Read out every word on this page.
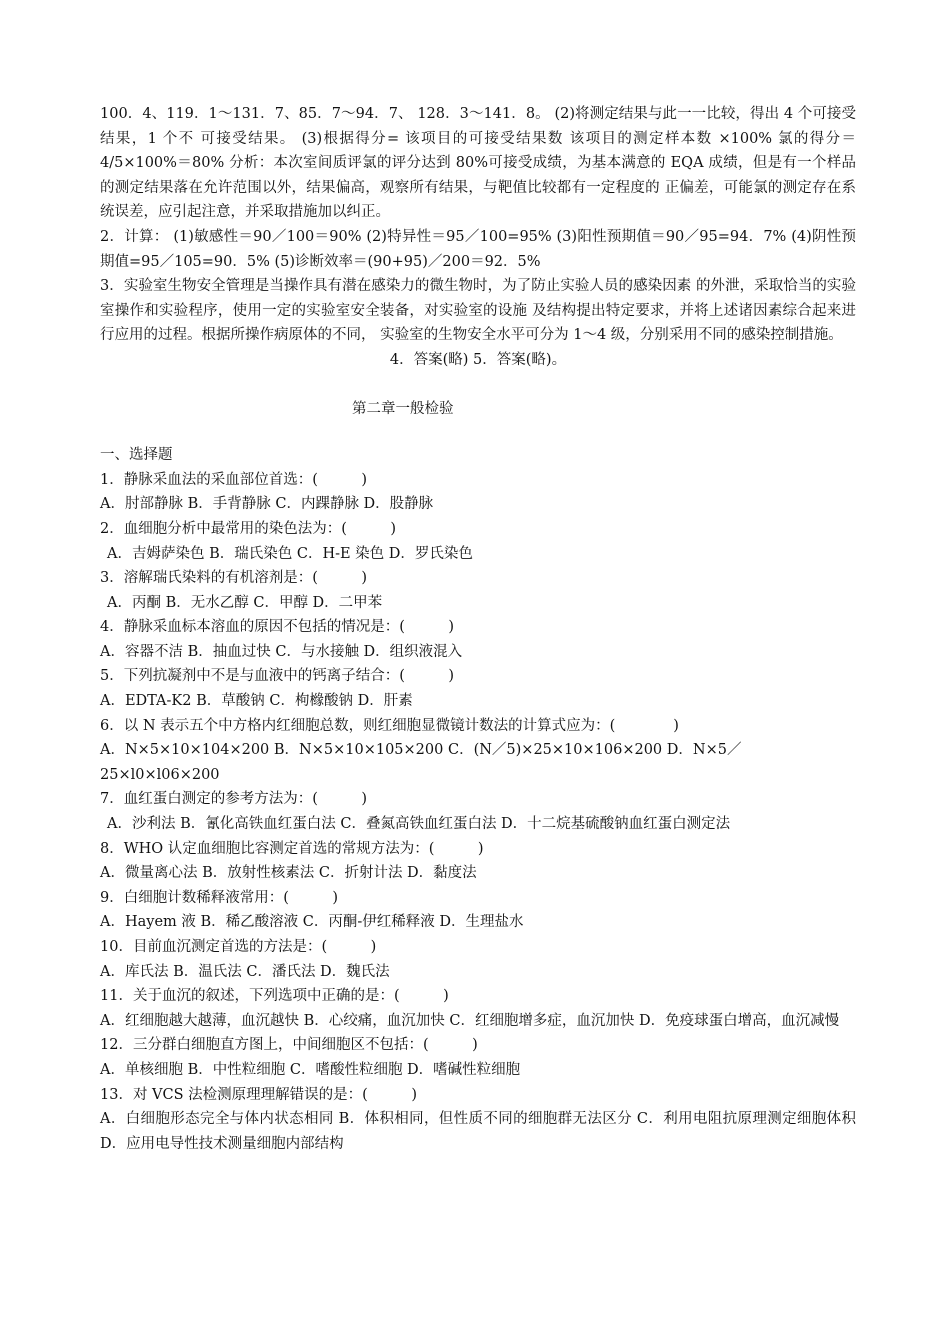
100．4、119．1～131．7、85．7～94．7、 128．3～141．8。 (2)将测定结果与此一一比较，得出 4 个可接受结果，1 个不 可接受结果。 (3)根据得分= 该项目的可接受结果数 该项目的测定样本数 ×100% 氯的得分＝4/5×100%＝80% 分析：本次室间质评氯的评分达到 80%可接受成绩，为基本满意的 EQA 成绩，但是有一个样品的测定结果落在允许范围以外，结果偏高，观察所有结果，与靶值比较都有一定程度的 正偏差，可能氯的测定存在系统误差，应引起注意，并采取措施加以纠正。

2．计算： (1)敏感性＝90／100＝90% (2)特异性＝95／100=95% (3)阳性预期值＝90／95=94．7% (4)阴性预期值=95／105=90．5% (5)诊断效率＝(90+95)／200＝92．5%

3．实验室生物安全管理是当操作具有潜在感染力的微生物时，为了防止实验人员的感染因素 的外泄，采取恰当的实验室操作和实验程序，使用一定的实验室安全装备，对实验室的设施 及结构提出特定要求，并将上述诸因素综合起来进行应用的过程。根据所操作病原体的不同， 实验室的生物安全水平可分为 1～4 级，分别采用不同的感染控制措施。

4．答案(略) 5．答案(略)。

第二章一般检验

一、选择题

1．静脉采血法的采血部位首选：(　　　)

A．肘部静脉 B．手背静脉 C．内踝静脉 D．股静脉

2．血细胞分析中最常用的染色法为：(　　　)

A．吉姆萨染色 B．瑞氏染色 C．H-E 染色 D．罗氏染色

3．溶解瑞氏染料的有机溶剂是：(　　　)

A．丙酮 B．无水乙醇 C．甲醇 D．二甲苯

4．静脉采血标本溶血的原因不包括的情况是：(　　　)

A．容器不洁 B．抽血过快 C．与水接触 D．组织液混入

5．下列抗凝剂中不是与血液中的钙离子结合：(　　　)

A．EDTA-K2 B．草酸钠 C．枸橼酸钠 D．肝素

6．以 N 表示五个中方格内红细胞总数，则红细胞显微镜计数法的计算式应为：(　　　　)

A．N×5×10×104×200 B．N×5×10×105×200 C．(N／5)×25×10×106×200 D．N×5／25×l0×l06×200

7．血红蛋白测定的参考方法为：(　　　)

A．沙利法 B．氰化高铁血红蛋白法 C．叠氮高铁血红蛋白法 D．十二烷基硫酸钠血红蛋白测定法

8．WHO 认定血细胞比容测定首选的常规方法为：(　　　)

A．微量离心法 B．放射性核素法 C．折射计法 D．黏度法

9．白细胞计数稀释液常用：(　　　)

A．Hayem 液 B．稀乙酸溶液 C．丙酮-伊红稀释液 D．生理盐水

10．目前血沉测定首选的方法是：(　　　)

A．库氏法 B．温氏法 C．潘氏法 D．魏氏法

11．关于血沉的叙述，下列选项中正确的是：(　　　)

A．红细胞越大越薄，血沉越快 B．心绞痛，血沉加快 C．红细胞增多症，血沉加快 D．免疫球蛋白增高，血沉减慢

12．三分群白细胞直方图上，中间细胞区不包括：(　　　)

A．单核细胞 B．中性粒细胞 C．嗜酸性粒细胞 D．嗜碱性粒细胞

13．对 VCS 法检测原理理解错误的是：(　　　)

A．白细胞形态完全与体内状态相同 B．体积相同，但性质不同的细胞群无法区分 C．利用电阻抗原理测定细胞体积 D．应用电导性技术测量细胞内部结构
